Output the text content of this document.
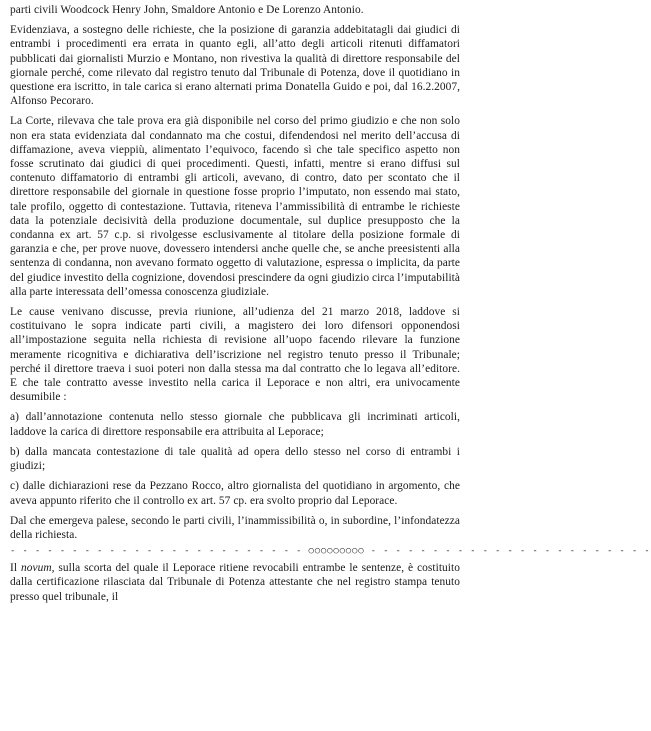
parti civili Woodcock Henry John, Smaldore Antonio e De Lorenzo Antonio.

Evidenziava, a sostegno delle richieste, che la posizione di garanzia addebitatagli dai giudici di entrambi i procedimenti era errata in quanto egli, all’atto degli articoli ritenuti diffamatori pubblicati dai giornalisti Murzio e Montano, non rivestiva la qualità di direttore responsabile del giornale perché, come rilevato dal registro tenuto dal Tribunale di Potenza, dove il quotidiano in questione era iscritto, in tale carica si erano alternati prima Donatella Guido e poi, dal 16.2.2007, Alfonso Pecoraro.

La Corte, rilevava che tale prova era già disponibile nel corso del primo giudizio e che non solo non era stata evidenziata dal condannato ma che costui, difendendosi nel merito dell’accusa di diffamazione, aveva vieppiù, alimentato l’equivoco, facendo sì che tale specifico aspetto non fosse scrutinato dai giudici di quei procedimenti. Questi, infatti, mentre si erano diffusi sul contenuto diffamatorio di entrambi gli articoli, avevano, di contro, dato per scontato che il direttore responsabile del giornale in questione fosse proprio l’imputato, non essendo mai stato, tale profilo, oggetto di contestazione. Tuttavia, riteneva l’ammissibilità di entrambe le richieste data la potenziale decisività della produzione documentale, sul duplice presupposto che la condanna ex art. 57 c.p. si rivolgesse esclusivamente al titolare della posizione formale di garanzia e che, per prove nuove, dovessero intendersi anche quelle che, se anche preesistenti alla sentenza di condanna, non avevano formato oggetto di valutazione, espressa o implicita, da parte del giudice investito della cognizione, dovendosi prescindere da ogni giudizio circa l’imputabilità alla parte interessata dell’omessa conoscenza giudiziale.

Le cause venivano discusse, previa riunione, all’udienza del 21 marzo 2018, laddove si costituivano le sopra indicate parti civili, a magistero dei loro difensori opponendosi all’impostazione seguita nella richiesta di revisione all’uopo facendo rilevare la funzione meramente ricognitiva e dichiarativa dell’iscrizione nel registro tenuto presso il Tribunale; perché il direttore traeva i suoi poteri non dalla stessa ma dal contratto che lo legava all’editore. E che tale contratto avesse investito nella carica il Leporace e non altri, era univocamente desumibile :

a) dall’annotazione contenuta nello stesso giornale che pubblicava gli incriminati articoli, laddove la carica di direttore responsabile era attribuita al Leporace;

b) dalla mancata contestazione di tale qualità ad opera dello stesso nel corso di entrambi i giudizi;

c) dalle dichiarazioni rese da Pezzano Rocco, altro giornalista del quotidiano in argomento, che aveva appunto riferito che il controllo ex art. 57 cp. era svolto proprio dal Leporace.

Dal che emergeva palese, secondo le parti civili, l’inammissibilità o, in subordine, l’infondatezza della richiesta.

- - - - - - - - - - - - - - - - - - - - - - - - ○○○○○○○○○ - - - - - - - - - - - - - - - - - - - - - - -

Il novum, sulla scorta del quale il Leporace ritiene revocabili entrambe le sentenze, è costituito dalla certificazione rilasciata dal Tribunale di Potenza attestante che nel registro stampa tenuto presso quel tribunale, il
